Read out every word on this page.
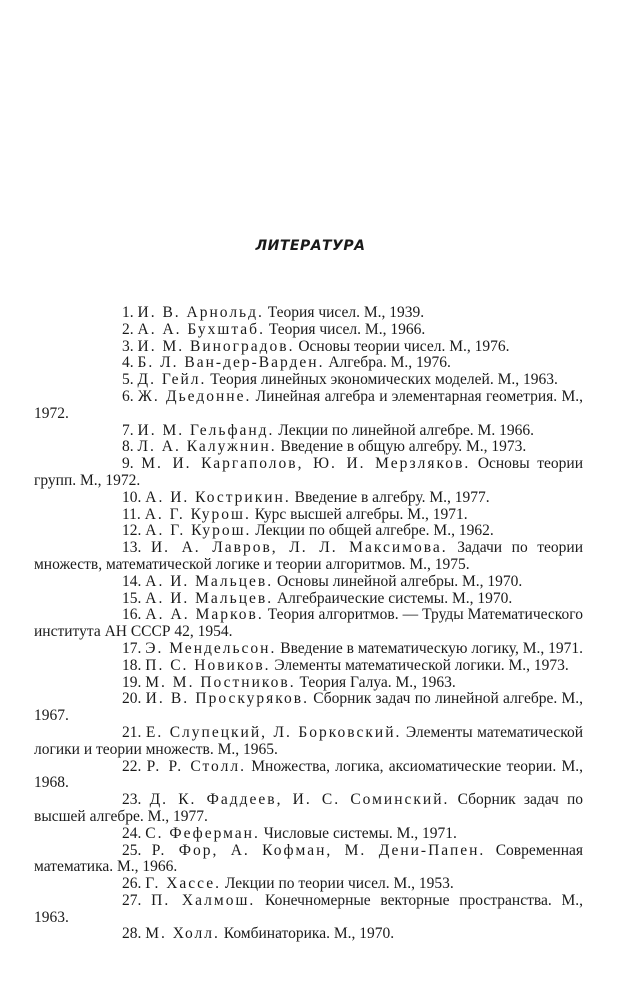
ЛИТЕРАТУРА
1. И. В. Арнольд. Теория чисел. М., 1939.
2. А. А. Бухштаб. Теория чисел. М., 1966.
3. И. М. Виноградов. Основы теории чисел. М., 1976.
4. Б. Л. Ван-дер-Варден. Алгебра. М., 1976.
5. Д. Гейл. Теория линейных экономических моделей. М., 1963.
6. Ж. Дьедонне. Линейная алгебра и элементарная геометрия. М., 1972.
7. И. М. Гельфанд. Лекции по линейной алгебре. М. 1966.
8. Л. А. Калужнин. Введение в общую алгебру. М., 1973.
9. М. И. Каргаполов, Ю. И. Мерзляков. Основы теории групп. М., 1972.
10. А. И. Кострикин. Введение в алгебру. М., 1977.
11. А. Г. Курош. Курс высшей алгебры. М., 1971.
12. А. Г. Курош. Лекции по общей алгебре. М., 1962.
13. И. А. Лавров, Л. Л. Максимова. Задачи по теории множеств, математической логике и теории алгоритмов. М., 1975.
14. А. И. Мальцев. Основы линейной алгебры. М., 1970.
15. А. И. Мальцев. Алгебраические системы. М., 1970.
16. А. А. Марков. Теория алгоритмов. — Труды Математического института АН СССР 42, 1954.
17. Э. Мендельсон. Введение в математическую логику, М., 1971.
18. П. С. Новиков. Элементы математической логики. М., 1973.
19. М. М. Постников. Теория Галуа. М., 1963.
20. И. В. Проскуряков. Сборник задач по линейной алгебре. М., 1967.
21. Е. Слупецкий, Л. Борковский. Элементы математической логики и теории множеств. М., 1965.
22. Р. Р. Столл. Множества, логика, аксиоматические теории. М., 1968.
23. Д. К. Фаддеев, И. С. Соминский. Сборник задач по высшей алгебре. М., 1977.
24. С. Феферман. Числовые системы. М., 1971.
25. Р. Фор, А. Кофман, М. Дени-Папен. Современная математика. М., 1966.
26. Г. Хассе. Лекции по теории чисел. М., 1953.
27. П. Халмош. Конечномерные векторные пространства. М., 1963.
28. М. Холл. Комбинаторика. М., 1970.
